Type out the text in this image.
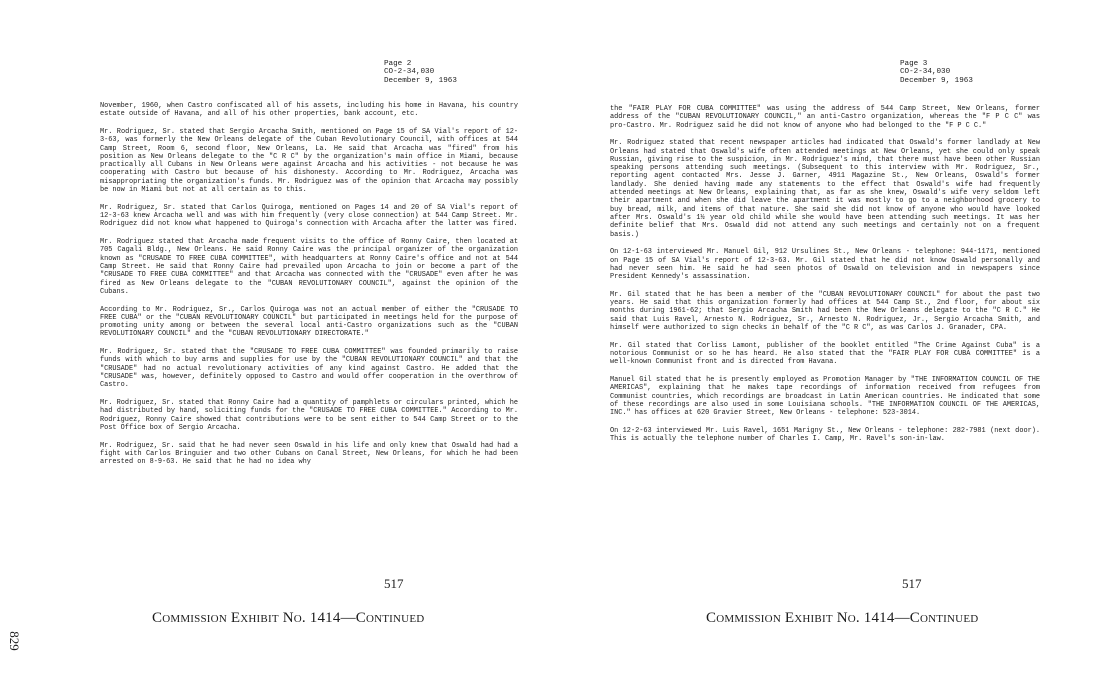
Page 2
CO-2-34,030
December 9, 1963

November, 1960, when Castro confiscated all of his assets, including his home in Havana, his country estate outside of Havana, and all of his other properties, bank account, etc.

Mr. Rodriguez, Sr. stated that Sergio Arcacha Smith, mentioned on Page 15 of SA Vial's report of 12-3-63, was formerly the New Orleans delegate of the Cuban Revolutionary Council, with offices at 544 Camp Street, Room 6, second floor, New Orleans, La. He said that Arcacha was "fired" from his position as New Orleans delegate to the "C R C" by the organization's main office in Miami, because practically all Cubans in New Orleans were against Arcacha and his activities - not because he was cooperating with Castro but because of his dishonesty. According to Mr. Rodriguez, Arcacha was misappropriating the organization's funds. Mr. Rodriguez was of the opinion that Arcacha may possibly be now in Miami but not at all certain as to this.

Mr. Rodriguez, Sr. stated that Carlos Quiroga, mentioned on Pages 14 and 20 of SA Vial's report of 12-3-63 knew Arcacha well and was with him frequently (very close connection) at 544 Camp Street. Mr. Rodriguez did not know what happened to Quiroga's connection with Arcacha after the latter was fired.

Mr. Rodriguez stated that Arcacha made frequent visits to the office of Ronny Caire, then located at 705 Cagali Bldg., New Orleans. He said Ronny Caire was the principal organizer of the organization known as "CRUSADE TO FREE CUBA COMMITTEE", with headquarters at Ronny Caire's office and not at 544 Camp Street. He said that Ronny Caire had prevailed upon Arcacha to join or become a part of the "CRUSADE TO FREE CUBA COMMITTEE" and that Arcacha was connected with the "CRUSADE" even after he was fired as New Orleans delegate to the "CUBAN REVOLUTIONARY COUNCIL", against the opinion of the Cubans.

According to Mr. Rodriguez, Sr., Carlos Quiroga was not an actual member of either the "CRUSADE TO FREE CUBA" or the "CUBAN REVOLUTIONARY COUNCIL" but participated in meetings held for the purpose of promoting unity among or between the several local anti-Castro organizations such as the "CUBAN REVOLUTIONARY COUNCIL" and the "CUBAN REVOLUTIONARY DIRECTORATE."

Mr. Rodriguez, Sr. stated that the "CRUSADE TO FREE CUBA COMMITTEE" was founded primarily to raise funds with which to buy arms and supplies for use by the "CUBAN REVOLUTIONARY COUNCIL" and that the "CRUSADE" had no actual revolutionary activities of any kind against Castro. He added that the "CRUSADE" was, however, definitely opposed to Castro and would offer cooperation in the overthrow of Castro.

Mr. Rodriguez, Sr. stated that Ronny Caire had a quantity of pamphlets or circulars printed, which he had distributed by hand, soliciting funds for the "CRUSADE TO FREE CUBA COMMITTEE." According to Mr. Rodriguez, Ronny Caire showed that contributions were to be sent either to 544 Camp Street or to the Post Office box of Sergio Arcacha.

Mr. Rodriguez, Sr. said that he had never seen Oswald in his life and only knew that Oswald had had a fight with Carlos Bringuier and two other Cubans on Canal Street, New Orleans, for which he had been arrested on 8-9-63. He said that he had no idea why

517
Commission Exhibit No. 1414—Continued
Page 3
CO-2-34,030
December 9, 1963

the "FAIR PLAY FOR CUBA COMMITTEE" was using the address of 544 Camp Street, New Orleans, former address of the "CUBAN REVOLUTIONARY COUNCIL," an anti-Castro organization, whereas the "F P C C" was pro-Castro. Mr. Rodriguez said he did not know of anyone who had belonged to the "F P C C."

Mr. Rodriguez stated that recent newspaper articles had indicated that Oswald's former landlady at New Orleans had stated that Oswald's wife often attended meetings at New Orleans, yet she could only speak Russian, giving rise to the suspicion, in Mr. Rodriguez's mind, that there must have been other Russian speaking persons attending such meetings. (Subsequent to this interview with Mr. Rodriguez, Sr., reporting agent contacted Mrs. Jesse J. Garner, 4911 Magazine St., New Orleans, Oswald's former landlady. She denied having made any statements to the effect that Oswald's wife had frequently attended meetings at New Orleans, explaining that, as far as she knew, Oswald's wife very seldom left their apartment and when she did leave the apartment it was mostly to go to a neighborhood grocery to buy bread, milk, and items of that nature. She said she did not know of anyone who would have looked after Mrs. Oswald's 1½ year old child while she would have been attending such meetings. It was her definite belief that Mrs. Oswald did not attend any such meetings and certainly not on a frequent basis.)

On 12-1-63 interviewed Mr. Manuel Gil, 912 Ursulines St., New Orleans - telephone: 944-1171, mentioned on Page 15 of SA Vial's report of 12-3-63. Mr. Gil stated that he did not know Oswald personally and had never seen him. He said he had seen photos of Oswald on television and in newspapers since President Kennedy's assassination.

Mr. Gil stated that he has been a member of the "CUBAN REVOLUTIONARY COUNCIL" for about the past two years. He said that this organization formerly had offices at 544 Camp St., 2nd floor, for about six months during 1961-62; that Sergio Arcacha Smith had been the New Orleans delegate to the "C R C." He said that Luis Ravel, Arnesto N. Rodriguez, Sr., Arnesto N. Rodriguez, Jr., Sergio Arcacha Smith, and himself were authorized to sign checks in behalf of the "C R C", as was Carlos J. Granader, CPA.

Mr. Gil stated that Corliss Lamont, publisher of the booklet entitled "The Crime Against Cuba" is a notorious Communist or so he has heard. He also stated that the "FAIR PLAY FOR CUBA COMMITTEE" is a well-known Communist front and is directed from Havana.

Manuel Gil stated that he is presently employed as Promotion Manager by "THE INFORMATION COUNCIL OF THE AMERICAS", explaining that he makes tape recordings of information received from refugees from Communist countries, which recordings are broadcast in Latin American countries. He indicated that some of these recordings are also used in some Louisiana schools. "THE INFORMATION COUNCIL OF THE AMERICAS, INC." has offices at 620 Gravier Street, New Orleans - telephone: 523-3014.

On 12-2-63 interviewed Mr. Luis Ravel, 1651 Marigny St., New Orleans - telephone: 282-7981 (next door). This is actually the telephone number of Charles I. Camp, Mr. Ravel's son-in-law.

517
Commission Exhibit No. 1414—Continued
829
